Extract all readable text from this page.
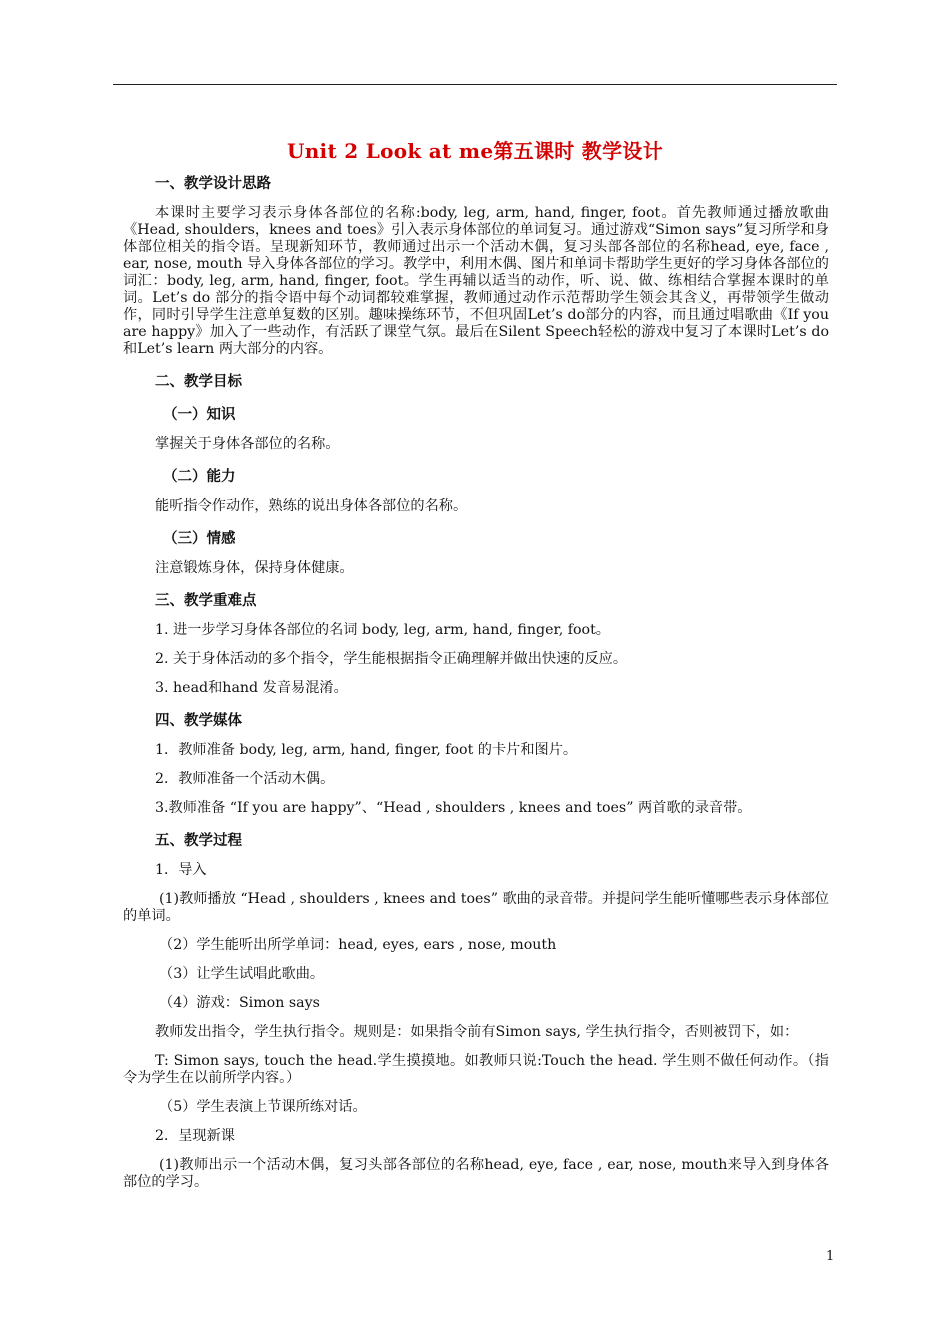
Unit 2 Look at me第五课时 教学设计
一、教学设计思路
本课时主要学习表示身体各部位的名称:body, leg, arm, hand, finger, foot。首先教师通过播放歌曲《Head, shoulders，knees and toes》引入表示身体部位的单词复习。通过游戏“Simon says”复习所学和身体部位相关的指令语。呈现新知环节，教师通过出示一个活动木偶，复习头部各部位的名称head, eye, face , ear, nose, mouth 导入身体各部位的学习。教学中，利用木偶、图片和单词卡帮助学生更好的学习身体各部位的词汇：body, leg, arm, hand, finger, foot。学生再辅以适当的动作，听、说、做、练相结合掌握本课时的单词。Let’s do 部分的指令语中每个动词都较难掌握，教师通过动作示范帮助学生领会其含义，再带领学生做动作，同时引导学生注意单复数的区别。趣味操练环节，不但巩固Let’s do部分的内容，而且通过唱歌曲《If you are happy》加入了一些动作，有活跃了课堂气氛。最后在Silent Speech轻松的游戏中复习了本课时Let’s do和Let’s learn 两大部分的内容。
二、教学目标
（一）知识
掌握关于身体各部位的名称。
（二）能力
能听指令作动作，熟练的说出身体各部位的名称。
（三）情感
注意锻炼身体，保持身体健康。
三、教学重难点
1. 进一步学习身体各部位的名词 body, leg, arm, hand, finger, foot。
2. 关于身体活动的多个指令，学生能根据指令正确理解并做出快速的反应。
3. head和hand 发音易混淆。
四、教学媒体
1．教师准备 body, leg, arm, hand, finger, foot 的卡片和图片。
2．教师准备一个活动木偶。
3.教师准备 “If you are happy”、“Head , shoulders , knees and toes” 两首歌的录音带。
五、教学过程
1．导入
(1)教师播放 “Head , shoulders , knees and toes” 歌曲的录音带。并提问学生能听懂哪些表示身体部位的单词。
（2）学生能听出所学单词：head, eyes, ears , nose, mouth
（3）让学生试唱此歌曲。
（4）游戏：Simon says
教师发出指令，学生执行指令。规则是：如果指令前有Simon says, 学生执行指令，否则被罚下，如：
T: Simon says, touch the head.学生摸摸地。如教师只说:Touch the head. 学生则不做任何动作。（指令为学生在以前所学内容。）
（5）学生表演上节课所练对话。
2．呈现新课
(1)教师出示一个活动木偶，复习头部各部位的名称head, eye, face , ear, nose, mouth来导入到身体各部位的学习。
1
